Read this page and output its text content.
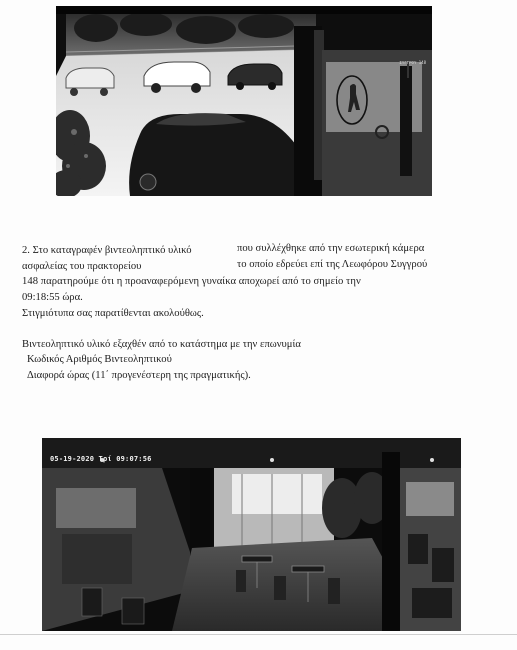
ΣΥΓΓΡΟΥ 148
2. Στο καταγραφέν βιντεοληπτικό υλικό	που συλλέχθηκε από την εσωτερική κάμερα
ασφαλείας του πρακτορείου	το οποίο εδρεύει επί της Λεωφόρου Συγγρού
148 παρατηρούμε ότι η προαναφερόμενη γυναίκα αποχωρεί από το σημείο την
09:18:55 ώρα.
Στιγμιότυπα σας παρατίθενται ακολούθως.
Βιντεοληπτικό υλικό εξαχθέν από το κατάστημα με την επωνυμία
Κωδικός Αριθμός Βιντεοληπτικού
Διαφορά ώρας (11΄ προγενέστερη της πραγματικής).
05-19-2020 Τρί 09:07:56
